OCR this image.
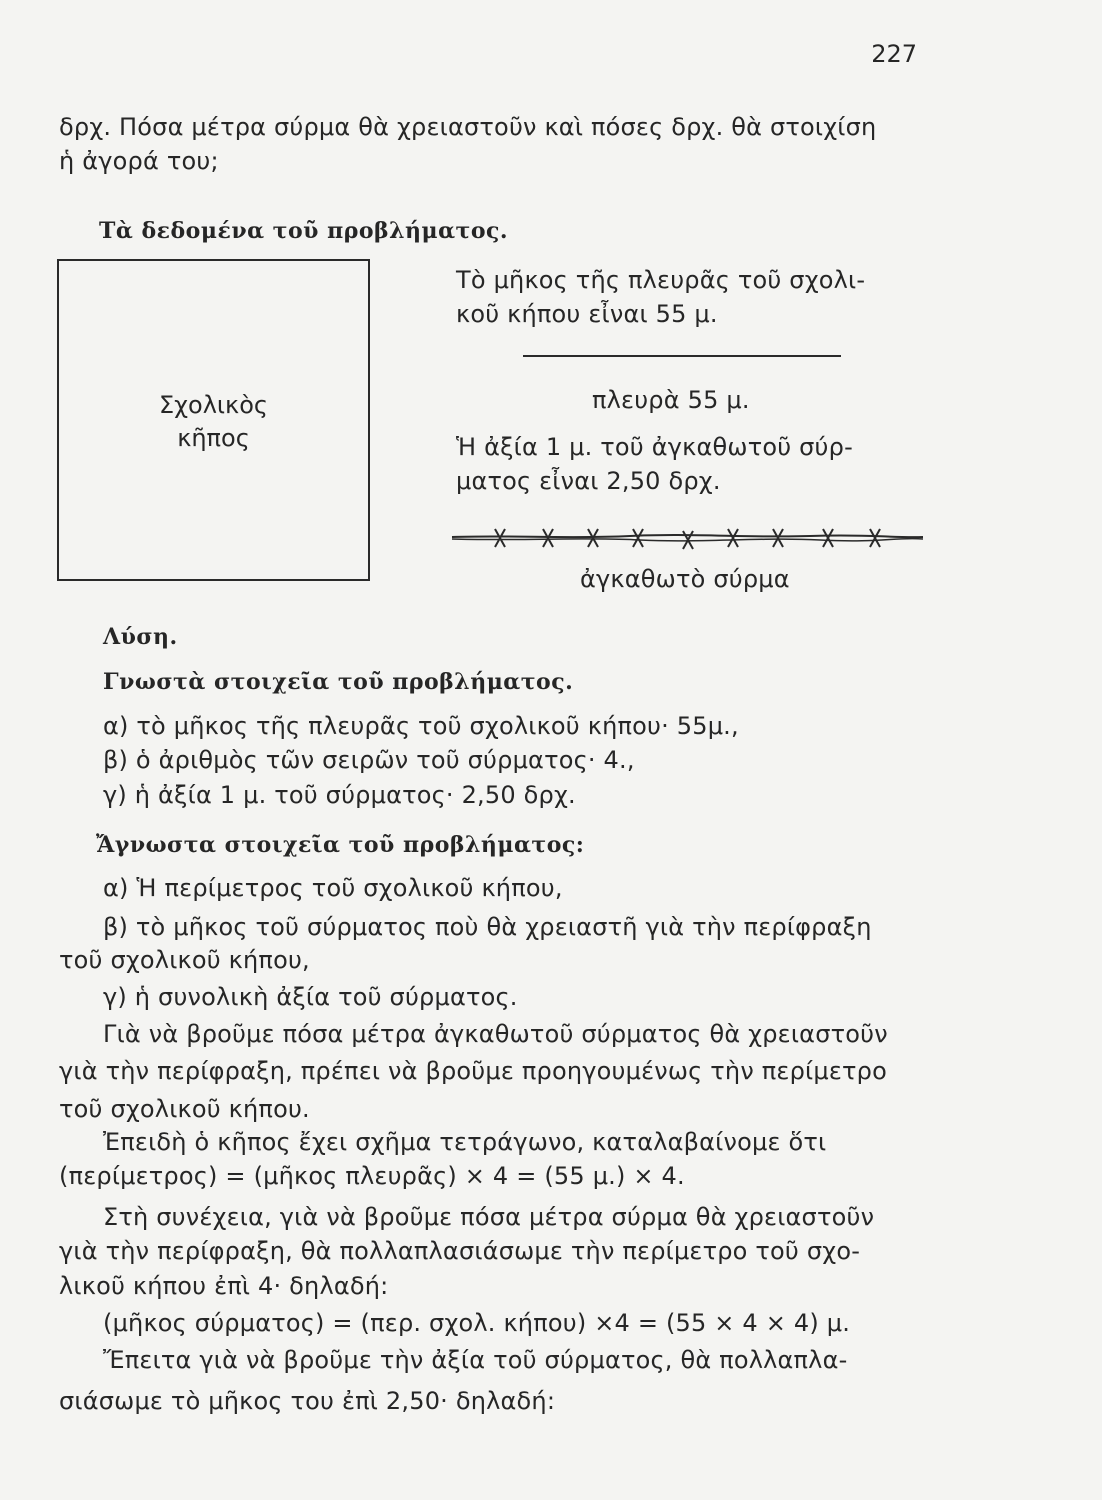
227
δρχ. Πόσα μέτρα σύρμα θὰ χρειαστοῦν καὶ πόσες δρχ. θὰ στοιχίση
ἡ ἀγορά του;
Τὰ δεδομένα τοῦ προβλήματος.
Σχολικὸς
κῆπος
Τὸ μῆκος τῆς πλευρᾶς τοῦ σχολι-
κοῦ κήπου εἶναι 55 μ.
πλευρὰ 55 μ.
Ἡ ἀξία 1 μ. τοῦ ἀγκαθωτοῦ σύρ-
ματος εἶναι 2,50 δρχ.
ἀγκαθωτὸ σύρμα
Λύση.
Γνωστὰ στοιχεῖα τοῦ προβλήματος.
α) τὸ μῆκος τῆς πλευρᾶς τοῦ σχολικοῦ κήπου· 55μ.,
β) ὁ ἀριθμὸς τῶν σειρῶν τοῦ σύρματος· 4.,
γ) ἡ ἀξία 1 μ. τοῦ σύρματος· 2,50 δρχ.
Ἄγνωστα στοιχεῖα τοῦ προβλήματος:
α) Ἡ περίμετρος τοῦ σχολικοῦ κήπου,
β) τὸ μῆκος τοῦ σύρματος ποὺ θὰ χρειαστῆ γιὰ τὴν περίφραξη
τοῦ σχολικοῦ κήπου,
γ) ἡ συνολικὴ ἀξία τοῦ σύρματος.
Γιὰ νὰ βροῦμε πόσα μέτρα ἀγκαθωτοῦ σύρματος θὰ χρειαστοῦν
γιὰ τὴν περίφραξη, πρέπει νὰ βροῦμε προηγουμένως τὴν περίμετρο
τοῦ σχολικοῦ κήπου.
Ἐπειδὴ ὁ κῆπος ἔχει σχῆμα τετράγωνο, καταλαβαίνομε ὅτι
(περίμετρος) = (μῆκος πλευρᾶς) × 4 = (55 μ.) × 4.
Στὴ συνέχεια, γιὰ νὰ βροῦμε πόσα μέτρα σύρμα θὰ χρειαστοῦν
γιὰ τὴν περίφραξη, θὰ πολλαπλασιάσωμε τὴν περίμετρο τοῦ σχο-
λικοῦ κήπου ἐπὶ 4· δηλαδή:
(μῆκος σύρματος) = (περ. σχολ. κήπου) ×4 = (55 × 4 × 4) μ.
Ἔπειτα γιὰ νὰ βροῦμε τὴν ἀξία τοῦ σύρματος, θὰ πολλαπλα-
σιάσωμε τὸ μῆκος του ἐπὶ 2,50· δηλαδή:
